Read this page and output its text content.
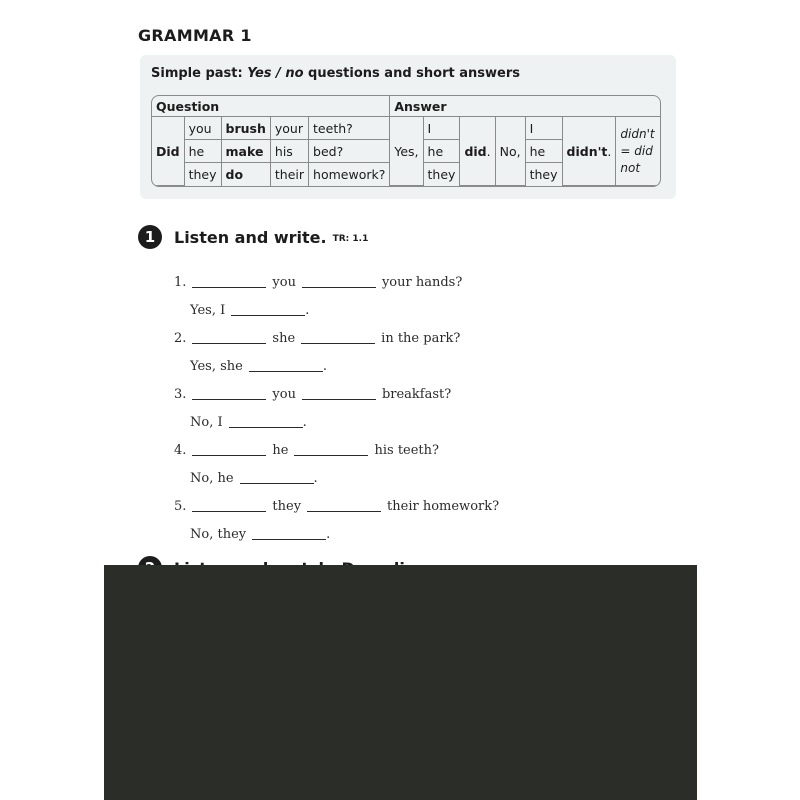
GRAMMAR 1
Simple past: Yes / no questions and short answers
Question					Answer						
Did	you	brush	your	teeth?	Yes,	I	did.	No,	I	didn't.	didn't = did not
	he	make	his	bed?		he			he		
	they	do	their	homework?		they			they		
1	Listen and write. TR: 1.1
1.	you	your hands?
Yes, I	.
2.	she	in the park?
Yes, she	.
3.	you	breakfast?
No, I	.
4.	he	his teeth?
No, he	.
5.	they	their homework?
No, they	.
